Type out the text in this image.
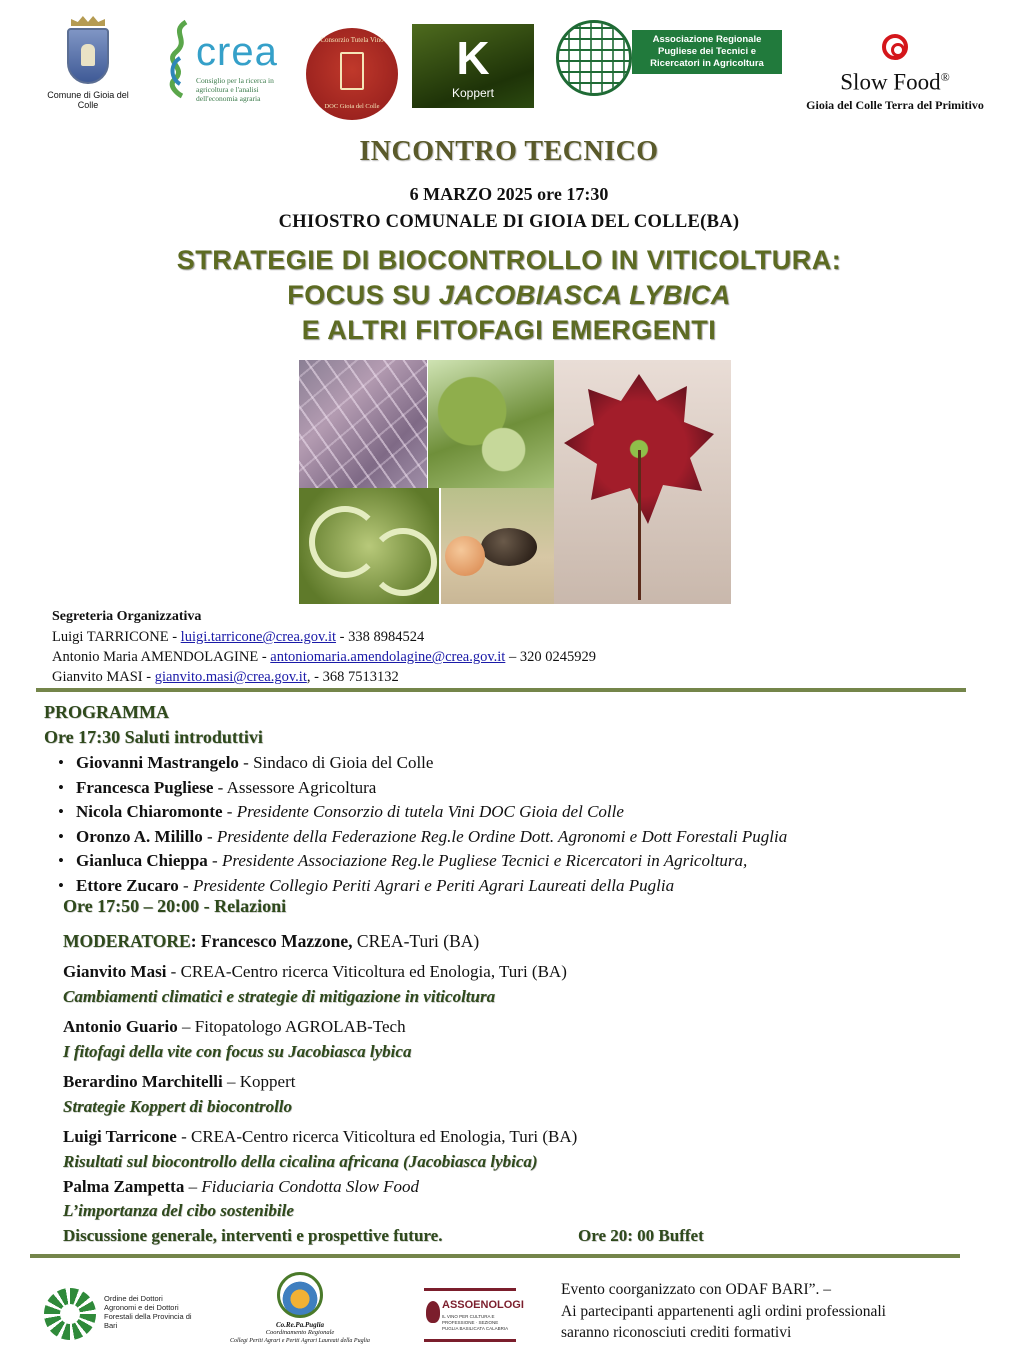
Comune di Gioia del Colle
crea
Consiglio per la ricerca in agricoltura e l'analisi dell'economia agraria
Consorzio Tutela Vino
DOC Gioia del Colle
K
Koppert
Associazione Regionale Pugliese dei Tecnici e Ricercatori in Agricoltura
Slow Food®
Gioia del Colle Terra del Primitivo
INCONTRO TECNICO
6 MARZO 2025 ore 17:30
CHIOSTRO COMUNALE DI GIOIA DEL COLLE(BA)
STRATEGIE DI BIOCONTROLLO IN VITICOLTURA:
FOCUS SU JACOBIASCA LYBICA
E ALTRI FITOFAGI EMERGENTI
Segreteria Organizzativa
Luigi TARRICONE - luigi.tarricone@crea.gov.it - 338 8984524
Antonio Maria AMENDOLAGINE - antoniomaria.amendolagine@crea.gov.it – 320 0245929
Gianvito MASI - gianvito.masi@crea.gov.it, - 368 7513132
PROGRAMMA
Ore 17:30 Saluti introduttivi
• Giovanni Mastrangelo - Sindaco di Gioia del Colle
• Francesca Pugliese - Assessore Agricoltura
• Nicola Chiaromonte - Presidente Consorzio di tutela Vini DOC Gioia del Colle
• Oronzo A. Milillo - Presidente della Federazione Reg.le Ordine Dott. Agronomi e Dott Forestali Puglia
• Gianluca Chieppa - Presidente Associazione Reg.le Pugliese Tecnici e Ricercatori in Agricoltura,
• Ettore Zucaro - Presidente Collegio Periti Agrari e Periti Agrari Laureati della Puglia
Ore 17:50 – 20:00 - Relazioni
MODERATORE: Francesco Mazzone, CREA-Turi (BA)
Gianvito Masi - CREA-Centro ricerca Viticoltura ed Enologia, Turi (BA)
Cambiamenti climatici e strategie di mitigazione in viticoltura
Antonio Guario – Fitopatologo AGROLAB-Tech
I fitofagi della vite con focus su Jacobiasca lybica
Berardino Marchitelli – Koppert
Strategie Koppert di biocontrollo
Luigi Tarricone - CREA-Centro ricerca Viticoltura ed Enologia, Turi (BA)
Risultati sul biocontrollo della cicalina africana (Jacobiasca lybica)
Palma Zampetta – Fiduciaria Condotta Slow Food
L’importanza del cibo sostenibile
Discussione generale, interventi e prospettive future.	Ore 20: 00 Buffet
Ordine dei Dottori Agronomi e dei Dottori Forestali della Provincia di Bari	Co.Re.Pa.Puglia
Coordinamento Regionale
Collegi Periti Agrari e Periti Agrari Laureati della Puglia
ASSOENOLOGI
IL VINO PER CULTURA E PROFESSIONE · SEZIONE PUGLIA BASILICATA CALABRIA
Evento coorganizzato con ODAF BARI”. –
Ai partecipanti appartenenti agli ordini professionali
saranno riconosciuti crediti formativi
